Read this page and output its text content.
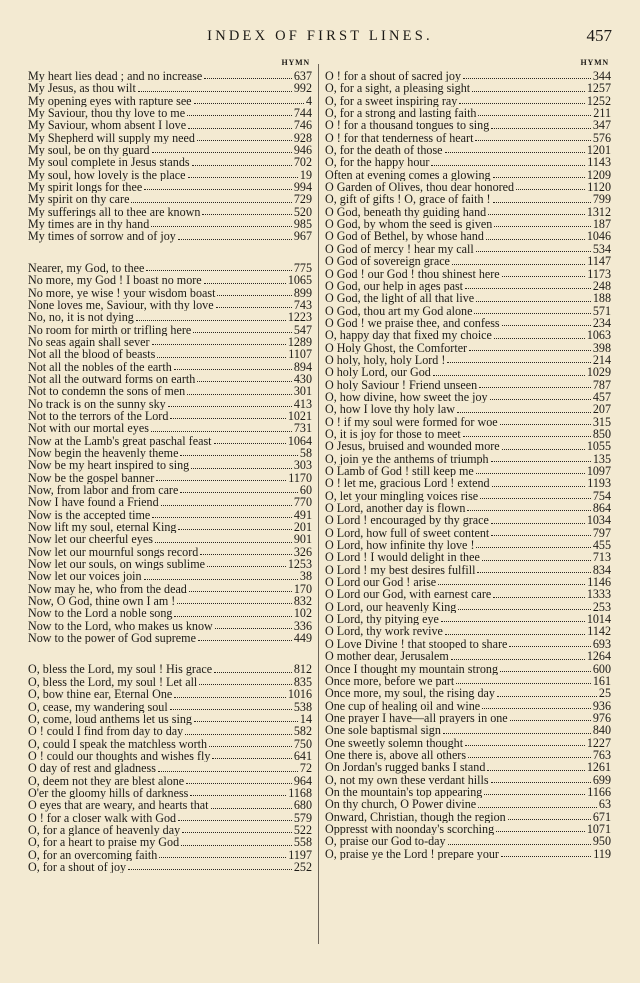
INDEX OF FIRST LINES.	457
HYMN
My heart lies dead ; and no increase	637
My Jesus, as thou wilt	992
My opening eyes with rapture see	4
My Saviour, thou thy love to me	744
My Saviour, whom absent I love	746
My Shepherd will supply my need	928
My soul, be on thy guard	946
My soul complete in Jesus stands	702
My soul, how lovely is the place	19
My spirit longs for thee	994
My spirit on thy care	729
My sufferings all to thee are known	520
My times are in thy hand	985
My times of sorrow and of joy	967
Nearer, my God, to thee	775
No more, my God ! I boast no more	1065
No more, ye wise ! your wisdom boast	899
None loves me, Saviour, with thy love	743
No, no, it is not dying	1223
No room for mirth or trifling here	547
No seas again shall sever	1289
Not all the blood of beasts	1107
Not all the nobles of the earth	894
Not all the outward forms on earth	430
Not to condemn the sons of men	301
No track is on the sunny sky	413
Not to the terrors of the Lord	1021
Not with our mortal eyes	731
Now at the Lamb's great paschal feast	1064
Now begin the heavenly theme	58
Now be my heart inspired to sing	303
Now be the gospel banner	1170
Now, from labor and from care	60
Now I have found a Friend	770
Now is the accepted time	491
Now lift my soul, eternal King	201
Now let our cheerful eyes	901
Now let our mournful songs record	326
Now let our souls, on wings sublime	1253
Now let our voices join	38
Now may he, who from the dead	170
Now, O God, thine own I am !	832
Now to the Lord a noble song	102
Now to the Lord, who makes us know	336
Now to the power of God supreme	449
O, bless the Lord, my soul ! His grace	812
O, bless the Lord, my soul ! Let all	835
O, bow thine ear, Eternal One	1016
O, cease, my wandering soul	538
O, come, loud anthems let us sing	14
O ! could I find from day to day	582
O, could I speak the matchless worth	750
O ! could our thoughts and wishes fly	641
O day of rest and gladness	72
O, deem not they are blest alone	964
O'er the gloomy hills of darkness	1168
O eyes that are weary, and hearts that	680
O ! for a closer walk with God	579
O, for a glance of heavenly day	522
O, for a heart to praise my God	558
O, for an overcoming faith	1197
O, for a shout of joy	252
HYMN
O ! for a shout of sacred joy	344
O, for a sight, a pleasing sight	1257
O, for a sweet inspiring ray	1252
O, for a strong and lasting faith	211
O ! for a thousand tongues to sing	347
O ! for that tenderness of heart	576
O, for the death of those	1201
O, for the happy hour	1143
Often at evening comes a glowing	1209
O Garden of Olives, thou dear honored	1120
O, gift of gifts ! O, grace of faith !	799
O God, beneath thy guiding hand	1312
O God, by whom the seed is given	187
O God of Bethel, by whose hand	1046
O God of mercy ! hear my call	534
O God of sovereign grace	1147
O God ! our God ! thou shinest here	1173
O God, our help in ages past	248
O God, the light of all that live	188
O God, thou art my God alone	571
O God ! we praise thee, and confess	234
O, happy day that fixed my choice	1063
O Holy Ghost, the Comforter	398
O holy, holy, holy Lord !	214
O holy Lord, our God	1029
O holy Saviour ! Friend unseen	787
O, how divine, how sweet the joy	457
O, how I love thy holy law	207
O ! if my soul were formed for woe	315
O, it is joy for those to meet	850
O Jesus, bruised and wounded more	1055
O, join ye the anthems of triumph	135
O Lamb of God ! still keep me	1097
O ! let me, gracious Lord ! extend	1193
O, let your mingling voices rise	754
O Lord, another day is flown	864
O Lord ! encouraged by thy grace	1034
O Lord, how full of sweet content	797
O Lord, how infinite thy love !	455
O Lord ! I would delight in thee	713
O Lord ! my best desires fulfill	834
O Lord our God ! arise	1146
O Lord our God, with earnest care	1333
O Lord, our heavenly King	253
O Lord, thy pitying eye	1014
O Lord, thy work revive	1142
O Love Divine ! that stooped to share	693
O mother dear, Jerusalem	1264
Once I thought my mountain strong	600
Once more, before we part	161
Once more, my soul, the rising day	25
One cup of healing oil and wine	936
One prayer I have—all prayers in one	976
One sole baptismal sign	840
One sweetly solemn thought	1227
One there is, above all others	763
On Jordan's rugged banks I stand	1261
O, not my own these verdant hills	699
On the mountain's top appearing	1166
On thy church, O Power divine	63
Onward, Christian, though the region	671
Oppresst with noonday's scorching	1071
O, praise our God to-day	950
O, praise ye the Lord ! prepare your	119
